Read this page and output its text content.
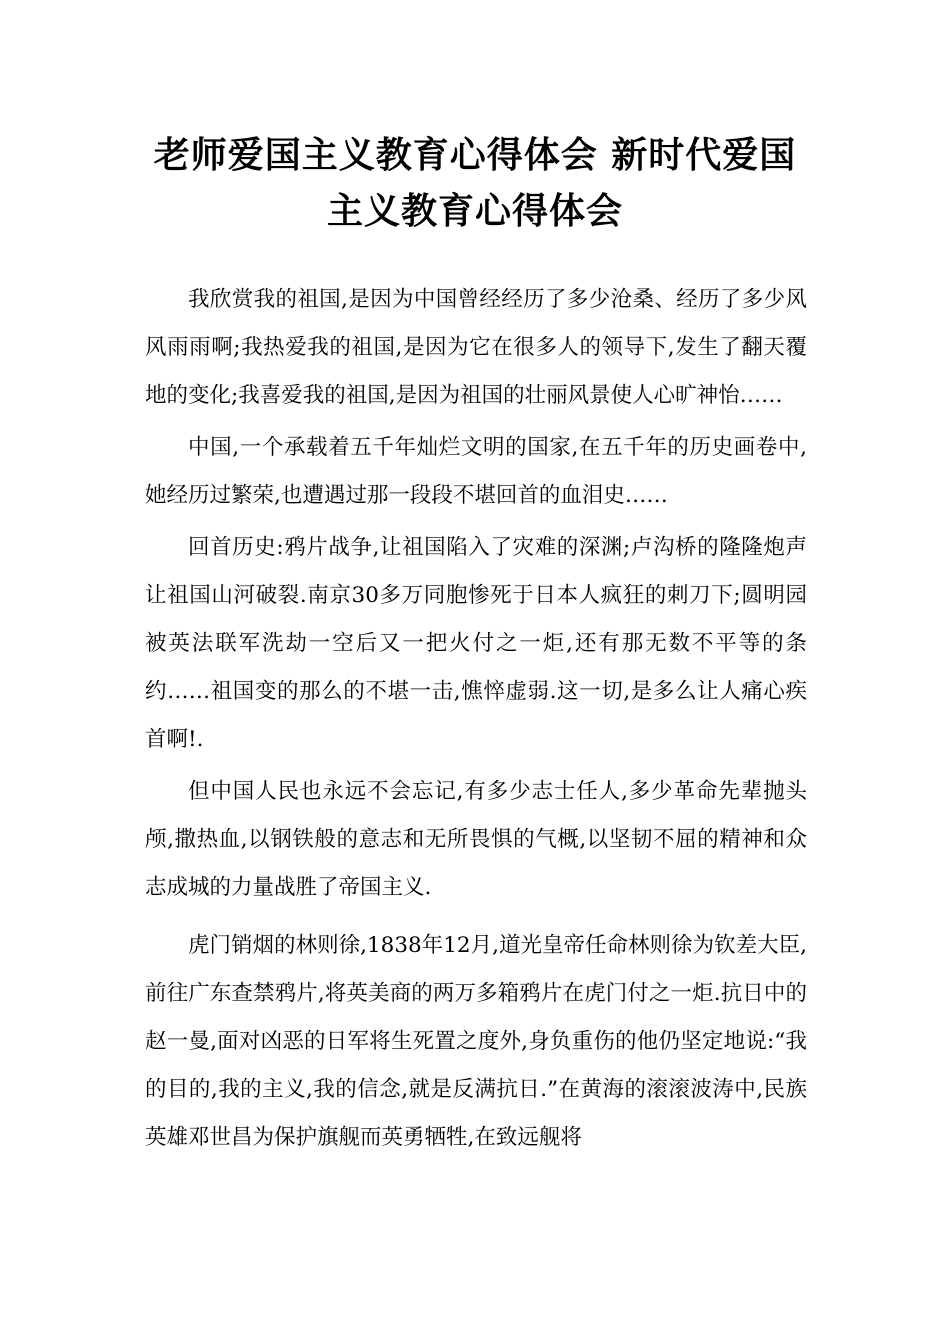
老师爱国主义教育心得体会 新时代爱国主义教育心得体会

我欣赏我的祖国,是因为中国曾经经历了多少沧桑、经历了多少风风雨雨啊;我热爱我的祖国,是因为它在很多人的领导下,发生了翻天覆地的变化;我喜爱我的祖国,是因为祖国的壮丽风景使人心旷神怡……

中国,一个承载着五千年灿烂文明的国家,在五千年的历史画卷中,她经历过繁荣,也遭遇过那一段段不堪回首的血泪史……

回首历史:鸦片战争,让祖国陷入了灾难的深渊;卢沟桥的隆隆炮声让祖国山河破裂.南京30多万同胞惨死于日本人疯狂的刺刀下;圆明园被英法联军洗劫一空后又一把火付之一炬,还有那无数不平等的条约……祖国变的那么的不堪一击,憔悴虚弱.这一切,是多么让人痛心疾首啊!.

但中国人民也永远不会忘记,有多少志士任人,多少革命先辈抛头颅,撒热血,以钢铁般的意志和无所畏惧的气概,以坚韧不屈的精神和众志成城的力量战胜了帝国主义.

虎门销烟的林则徐,1838年12月,道光皇帝任命林则徐为钦差大臣,前往广东查禁鸦片,将英美商的两万多箱鸦片在虎门付之一炬.抗日中的赵一曼,面对凶恶的日军将生死置之度外,身负重伤的他仍坚定地说:“我的目的,我的主义,我的信念,就是反满抗日.”在黄海的滚滚波涛中,民族英雄邓世昌为保护旗舰而英勇牺牲,在致远舰将
